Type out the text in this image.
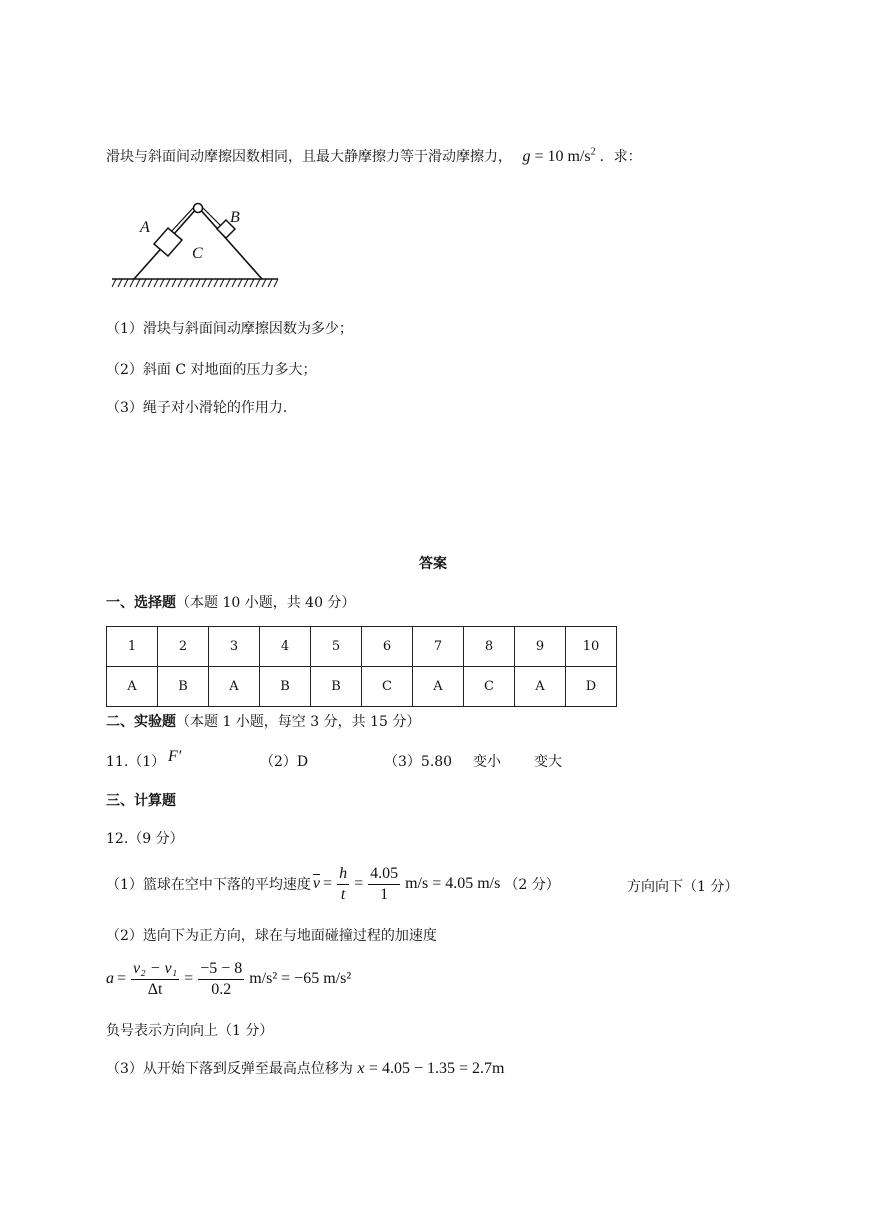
滑块与斜面间动摩擦因数相同，且最大静摩擦力等于滑动摩擦力， g = 10 $m/s^2$ ．求：
A
B
C
（1）滑块与斜面间动摩擦因数为多少；
（2）斜面 C 对地面的压力多大；
（3）绳子对小滑轮的作用力．
答案
一、选择题（本题 10 小题，共 40 分）
1	2	3	4	5	6	7	8	9	10
A	B	A	B	B	C	A	C	A	D
二、实验题（本题 1 小题，每空 3 分，共 15 分）
11.（1） F′	（2）D	（3）5.80 变小 变大
三、计算题
12.（9 分）
（1）篮球在空中下落的平均速度 $\overline{v} = \frac{h}{t} = \frac{4.05}{1} m/s = 4.05$ m/s （2 分）	方向向下（1 分）
（2）选向下为正方向，球在与地面碰撞过程的加速度
$a = \frac{\text{v₂ − v₁}}{\Delta t} = \frac{-5 - 8}{0.2} m/s^2 = -65$ m/s²
负号表示方向向上（1 分）
（3）从开始下落到反弹至最高点位移为 x = 4.05 − 1.35 = 2.7m
